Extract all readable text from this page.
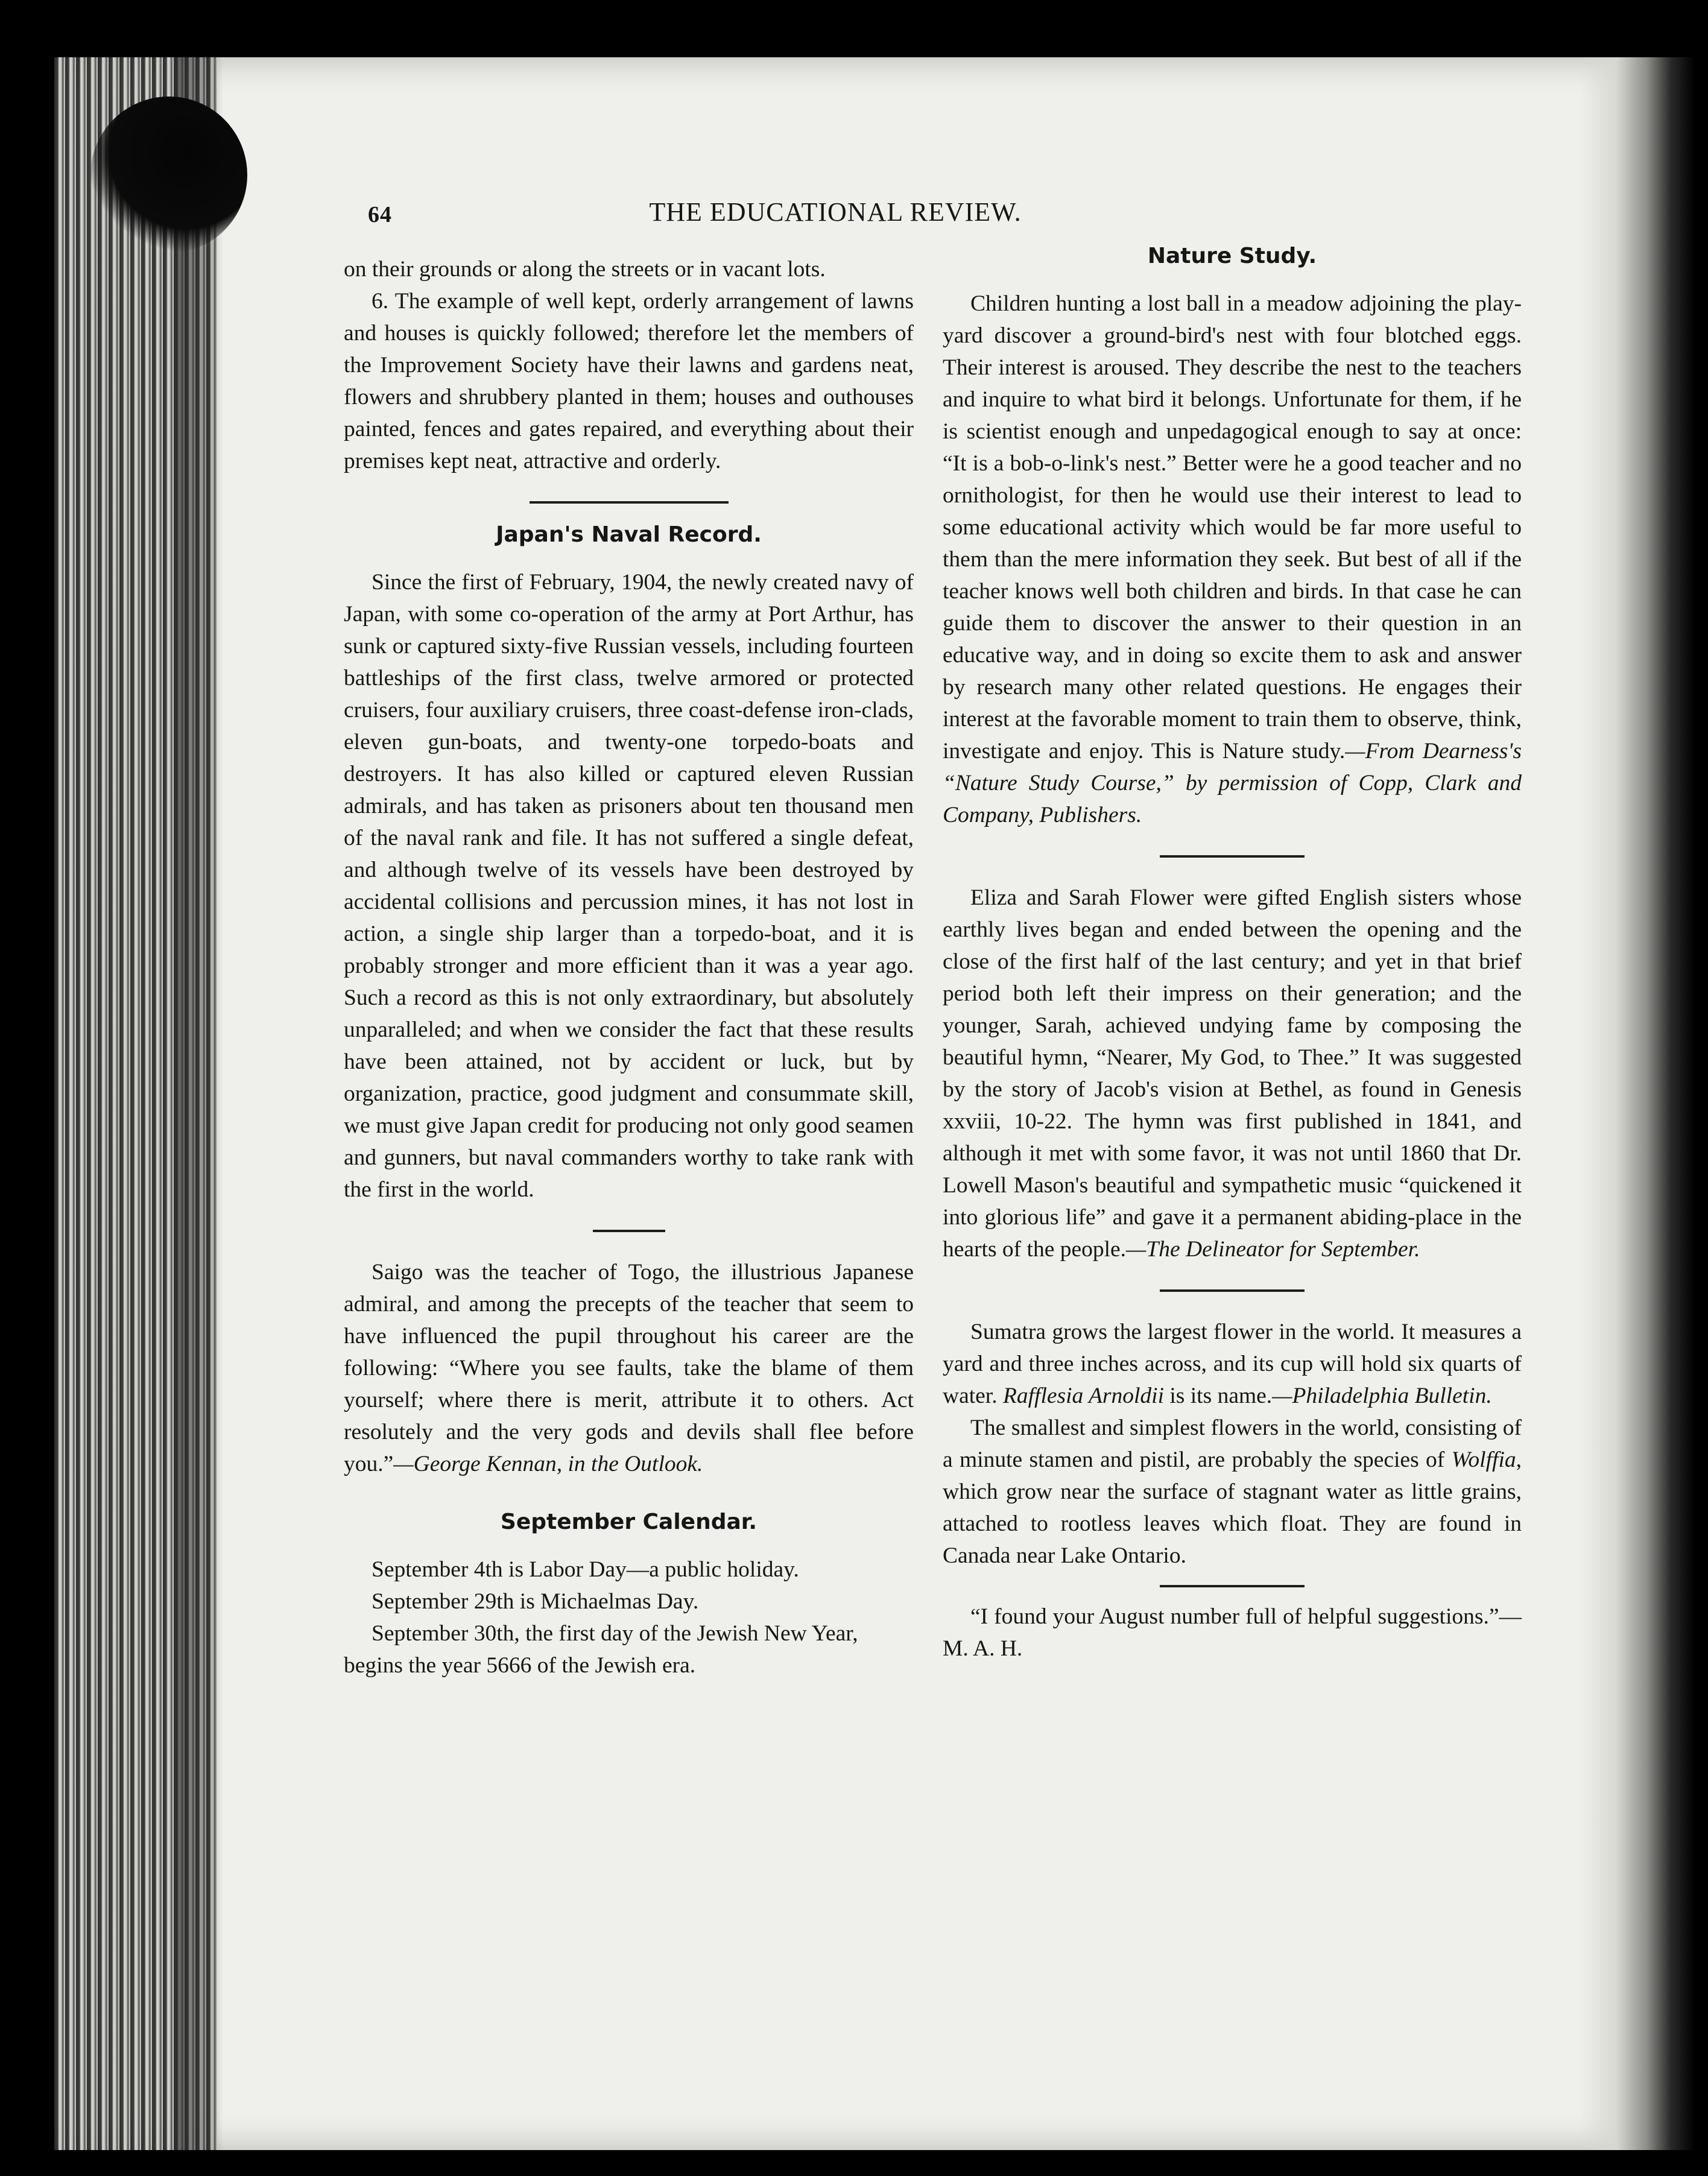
64	THE EDUCATIONAL REVIEW.

on their grounds or along the streets or in vacant lots.

6. The example of well kept, orderly arrangement of lawns and houses is quickly followed; therefore let the members of the Improvement Society have their lawns and gardens neat, flowers and shrubbery planted in them; houses and outhouses painted, fences and gates repaired, and everything about their premises kept neat, attractive and orderly.

Japan's Naval Record.

Since the first of February, 1904, the newly created navy of Japan, with some co-operation of the army at Port Arthur, has sunk or captured sixty-five Russian vessels, including fourteen battleships of the first class, twelve armored or protected cruisers, four auxiliary cruisers, three coast-defense iron-clads, eleven gun-boats, and twenty-one torpedo-boats and destroyers. It has also killed or captured eleven Russian admirals, and has taken as prisoners about ten thousand men of the naval rank and file. It has not suffered a single defeat, and although twelve of its vessels have been destroyed by accidental collisions and percussion mines, it has not lost in action, a single ship larger than a torpedo-boat, and it is probably stronger and more efficient than it was a year ago. Such a record as this is not only extraordinary, but absolutely unparalleled; and when we consider the fact that these results have been attained, not by accident or luck, but by organization, practice, good judgment and consummate skill, we must give Japan credit for producing not only good seamen and gunners, but naval commanders worthy to take rank with the first in the world.

Saigo was the teacher of Togo, the illustrious Japanese admiral, and among the precepts of the teacher that seem to have influenced the pupil throughout his career are the following: “Where you see faults, take the blame of them yourself; where there is merit, attribute it to others. Act resolutely and the very gods and devils shall flee before you.”—George Kennan, in the Outlook.

September Calendar.

September 4th is Labor Day—a public holiday.

September 29th is Michaelmas Day.

September 30th, the first day of the Jewish New Year, begins the year 5666 of the Jewish era.

Nature Study.

Children hunting a lost ball in a meadow adjoining the play-yard discover a ground-bird's nest with four blotched eggs. Their interest is aroused. They describe the nest to the teachers and inquire to what bird it belongs. Unfortunate for them, if he is scientist enough and unpedagogical enough to say at once: “It is a bob-o-link's nest.” Better were he a good teacher and no ornithologist, for then he would use their interest to lead to some educational activity which would be far more useful to them than the mere information they seek. But best of all if the teacher knows well both children and birds. In that case he can guide them to discover the answer to their question in an educative way, and in doing so excite them to ask and answer by research many other related questions. He engages their interest at the favorable moment to train them to observe, think, investigate and enjoy. This is Nature study.—From Dearness's “Nature Study Course,” by permission of Copp, Clark and Company, Publishers.

Eliza and Sarah Flower were gifted English sisters whose earthly lives began and ended between the opening and the close of the first half of the last century; and yet in that brief period both left their impress on their generation; and the younger, Sarah, achieved undying fame by composing the beautiful hymn, “Nearer, My God, to Thee.” It was suggested by the story of Jacob's vision at Bethel, as found in Genesis xxviii, 10-22. The hymn was first published in 1841, and although it met with some favor, it was not until 1860 that Dr. Lowell Mason's beautiful and sympathetic music “quickened it into glorious life” and gave it a permanent abiding-place in the hearts of the people.—The Delineator for September.

Sumatra grows the largest flower in the world. It measures a yard and three inches across, and its cup will hold six quarts of water. Rafflesia Arnoldii is its name.—Philadelphia Bulletin.

The smallest and simplest flowers in the world, consisting of a minute stamen and pistil, are probably the species of Wolffia, which grow near the surface of stagnant water as little grains, attached to rootless leaves which float. They are found in Canada near Lake Ontario.

“I found your August number full of helpful suggestions.”—M. A. H.
